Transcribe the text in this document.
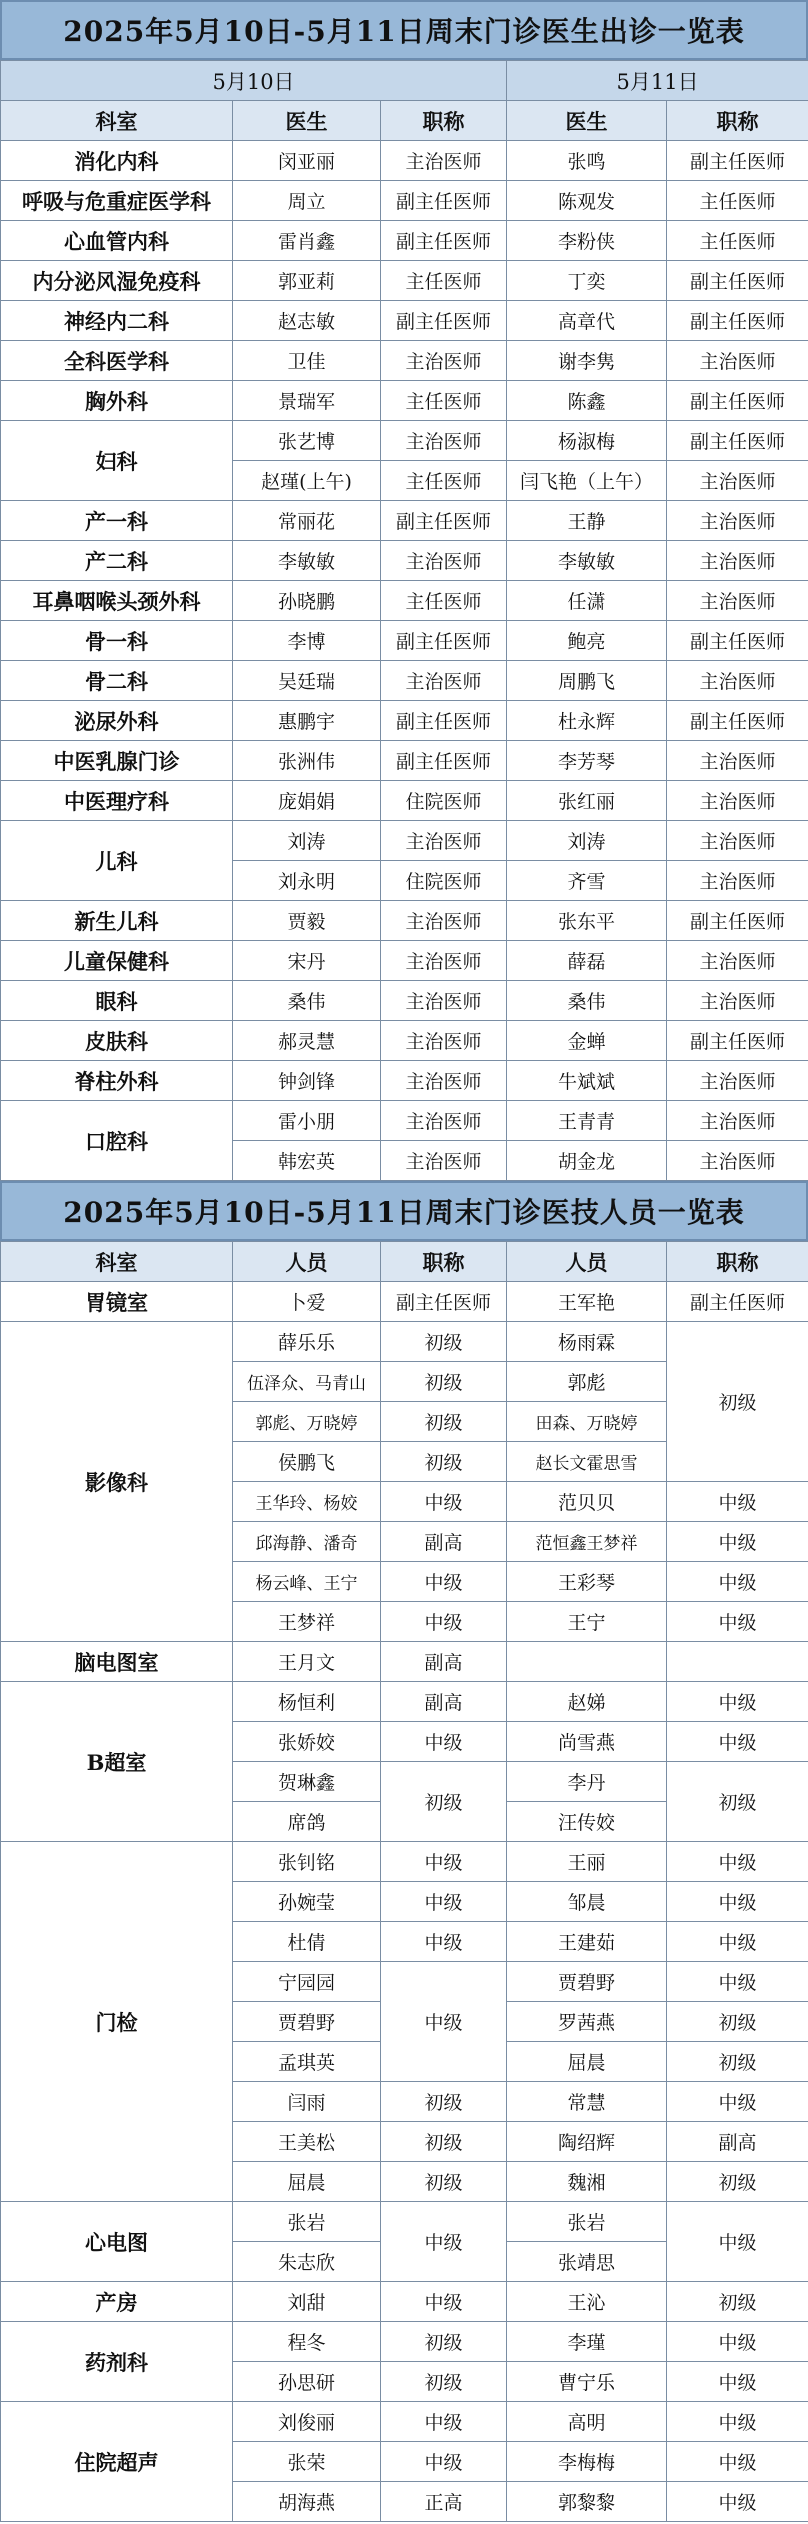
2025年5月10日-5月11日周末门诊医生出诊一览表
5月10日			5月11日	
科室	医生	职称	医生	职称
消化内科	闵亚丽	主治医师	张鸣	副主任医师
呼吸与危重症医学科	周立	副主任医师	陈观发	主任医师
心血管内科	雷肖鑫	副主任医师	李粉侠	主任医师
内分泌风湿免疫科	郭亚莉	主任医师	丁奕	副主任医师
神经内二科	赵志敏	副主任医师	高章代	副主任医师
全科医学科	卫佳	主治医师	谢李隽	主治医师
胸外科	景瑞军	主任医师	陈鑫	副主任医师
妇科	张艺博	主治医师	杨淑梅	副主任医师
	赵瑾(上午)	主任医师	闫飞艳（上午）	主治医师
产一科	常丽花	副主任医师	王静	主治医师
产二科	李敏敏	主治医师	李敏敏	主治医师
耳鼻咽喉头颈外科	孙晓鹏	主任医师	任潇	主治医师
骨一科	李博	副主任医师	鲍亮	副主任医师
骨二科	吴廷瑞	主治医师	周鹏飞	主治医师
泌尿外科	惠鹏宇	副主任医师	杜永辉	副主任医师
中医乳腺门诊	张洲伟	副主任医师	李芳琴	主治医师
中医理疗科	庞娟娟	住院医师	张红丽	主治医师
儿科	刘涛	主治医师	刘涛	主治医师
	刘永明	住院医师	齐雪	主治医师
新生儿科	贾毅	主治医师	张东平	副主任医师
儿童保健科	宋丹	主治医师	薛磊	主治医师
眼科	桑伟	主治医师	桑伟	主治医师
皮肤科	郝灵慧	主治医师	金蝉	副主任医师
脊柱外科	钟剑锋	主治医师	牛斌斌	主治医师
口腔科	雷小朋	主治医师	王青青	主治医师
	韩宏英	主治医师	胡金龙	主治医师
2025年5月10日-5月11日周末门诊医技人员一览表
科室	人员	职称	人员	职称
胃镜室	卜爱	副主任医师	王军艳	副主任医师
影像科	薛乐乐	初级	杨雨霖	初级
	伍泽众、马青山	初级	郭彪	
	郭彪、万晓婷	初级	田森、万晓婷	
	侯鹏飞	初级	赵长文霍思雪	
	王华玲、杨姣	中级	范贝贝	中级
	邱海静、潘奇	副高	范恒鑫王梦祥	中级
	杨云峰、王宁	中级	王彩琴	中级
	王梦祥	中级	王宁	中级
脑电图室	王月文	副高		
B超室	杨恒利	副高	赵娣	中级
	张娇姣	中级	尚雪燕	中级
	贺琳鑫	初级	李丹	初级
	席鸽		汪传姣	
门检	张钊铭	中级	王丽	中级
	孙婉莹	中级	邹晨	中级
	杜倩	中级	王建茹	中级
	宁园园	中级	贾碧野	中级
	贾碧野		罗茜燕	初级
	孟琪英		屈晨	初级
	闫雨	初级	常慧	中级
	王美松	初级	陶绍辉	副高
	屈晨	初级	魏湘	初级
心电图	张岩	中级	张岩	中级
	朱志欣		张靖思	
产房	刘甜	中级	王沁	初级
药剂科	程冬	初级	李瑾	中级
	孙思研	初级	曹宁乐	中级
住院超声	刘俊丽	中级	高明	中级
	张荣	中级	李梅梅	中级
	胡海燕	正高	郭黎黎	中级
